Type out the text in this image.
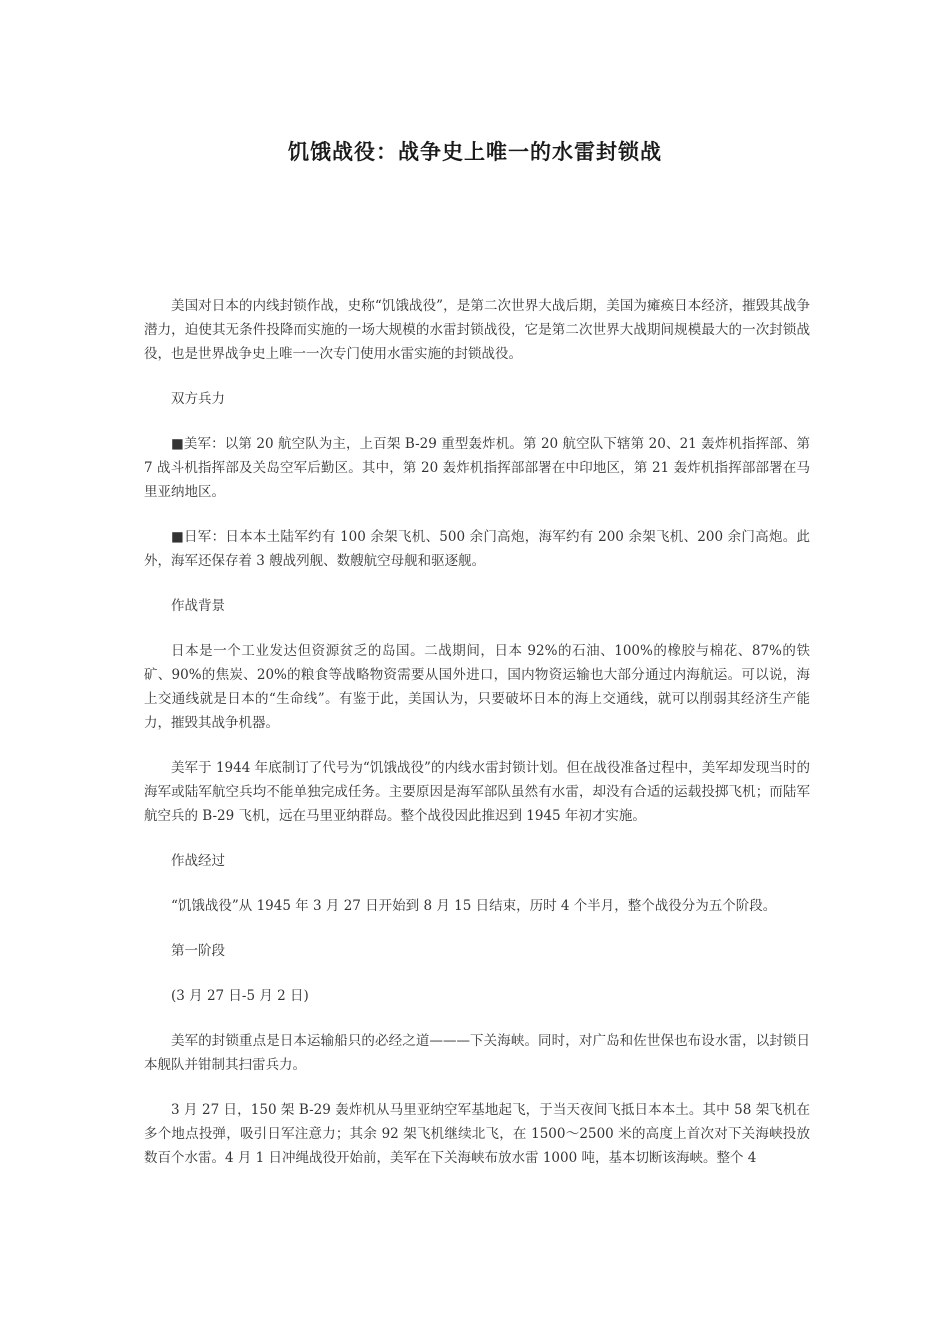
饥饿战役：战争史上唯一的水雷封锁战

美国对日本的内线封锁作战，史称“饥饿战役”，是第二次世界大战后期，美国为瘫痪日本经济，摧毁其战争潜力，迫使其无条件投降而实施的一场大规模的水雷封锁战役，它是第二次世界大战期间规模最大的一次封锁战役，也是世界战争史上唯一一次专门使用水雷实施的封锁战役。

双方兵力

■美军：以第 20 航空队为主，上百架 B-29 重型轰炸机。第 20 航空队下辖第 20、21 轰炸机指挥部、第 7 战斗机指挥部及关岛空军后勤区。其中，第 20 轰炸机指挥部部署在中印地区，第 21 轰炸机指挥部部署在马里亚纳地区。

■日军：日本本土陆军约有 100 余架飞机、500 余门高炮，海军约有 200 余架飞机、200 余门高炮。此外，海军还保存着 3 艘战列舰、数艘航空母舰和驱逐舰。

作战背景

日本是一个工业发达但资源贫乏的岛国。二战期间，日本 92%的石油、100%的橡胶与棉花、87%的铁矿、90%的焦炭、20%的粮食等战略物资需要从国外进口，国内物资运输也大部分通过内海航运。可以说，海上交通线就是日本的“生命线”。有鉴于此，美国认为，只要破坏日本的海上交通线，就可以削弱其经济生产能力，摧毁其战争机器。

美军于 1944 年底制订了代号为“饥饿战役”的内线水雷封锁计划。但在战役准备过程中，美军却发现当时的海军或陆军航空兵均不能单独完成任务。主要原因是海军部队虽然有水雷，却没有合适的运载投掷飞机；而陆军航空兵的 B-29 飞机，远在马里亚纳群岛。整个战役因此推迟到 1945 年初才实施。

作战经过

“饥饿战役”从 1945 年 3 月 27 日开始到 8 月 15 日结束，历时 4 个半月，整个战役分为五个阶段。

第一阶段

(3 月 27 日-5 月 2 日)

美军的封锁重点是日本运输船只的必经之道———下关海峡。同时，对广岛和佐世保也布设水雷，以封锁日本舰队并钳制其扫雷兵力。

3 月 27 日，150 架 B-29 轰炸机从马里亚纳空军基地起飞，于当天夜间飞抵日本本土。其中 58 架飞机在多个地点投弹，吸引日军注意力；其余 92 架飞机继续北飞，在 1500～2500 米的高度上首次对下关海峡投放数百个水雷。4 月 1 日冲绳战役开始前，美军在下关海峡布放水雷 1000 吨，基本切断该海峡。整个 4
